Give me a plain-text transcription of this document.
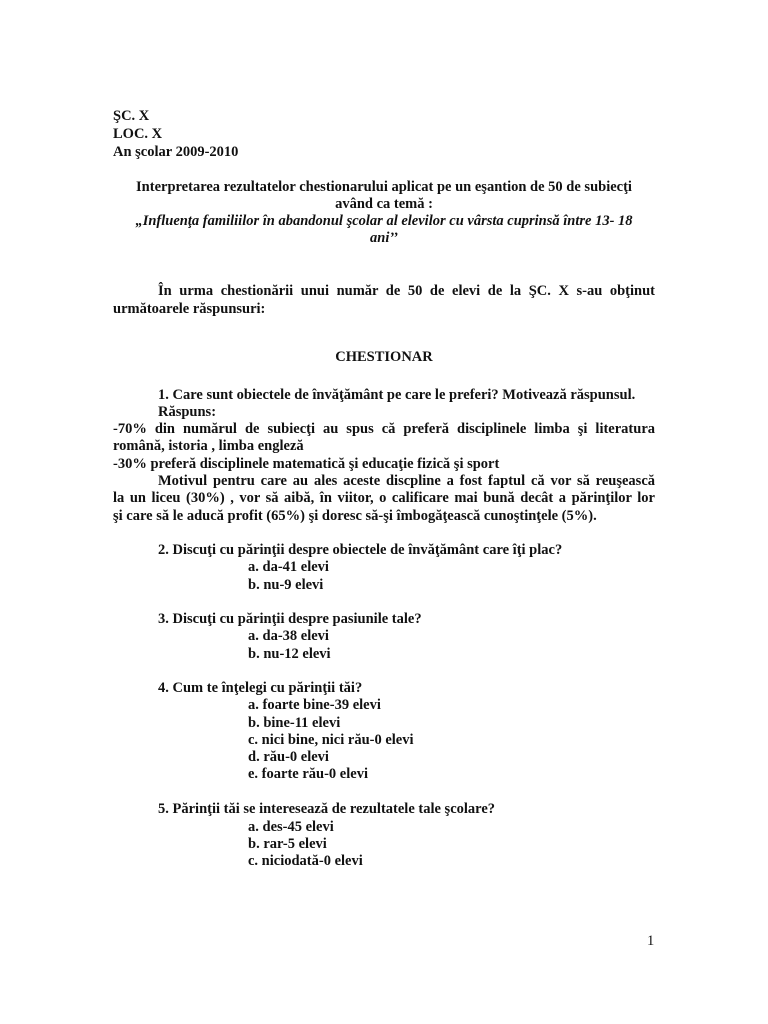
ŞC. X
LOC. X
An şcolar 2009-2010
Interpretarea rezultatelor chestionarului aplicat pe un eşantion de 50 de subiecţi
având ca temă :
„Influenţa familiilor în abandonul şcolar al elevilor cu vârsta cuprinsă între 13- 18
ani’’
În urma chestionării unui număr de 50 de elevi de la ŞC. X s-au obţinut
următoarele răspunsuri:
CHESTIONAR
1. Care sunt obiectele de învăţământ pe care le preferi? Motivează răspunsul.
Răspuns:
-70% din numărul de subiecţi au spus că preferă disciplinele limba şi literatura
română, istoria , limba engleză
-30% preferă disciplinele matematică şi educaţie fizică şi sport
Motivul pentru care au ales aceste discpline a fost faptul că vor să reuşească
la un liceu (30%) , vor să aibă, în viitor, o calificare mai bună decât a părinţilor lor
şi care să le aducă profit (65%) şi doresc să-şi îmbogăţească cunoştinţele (5%).
2. Discuţi cu părinţii despre obiectele de învăţământ care îţi plac?
a. da-41 elevi
b. nu-9 elevi
3. Discuţi cu părinţii despre pasiunile tale?
a. da-38 elevi
b. nu-12 elevi
4. Cum te înţelegi cu părinţii tăi?
a. foarte bine-39 elevi
b. bine-11 elevi
c. nici bine, nici rău-0 elevi
d. rău-0 elevi
e. foarte rău-0 elevi
5. Părinţii tăi se interesează de rezultatele tale şcolare?
a. des-45 elevi
b. rar-5 elevi
c. niciodată-0 elevi
1
